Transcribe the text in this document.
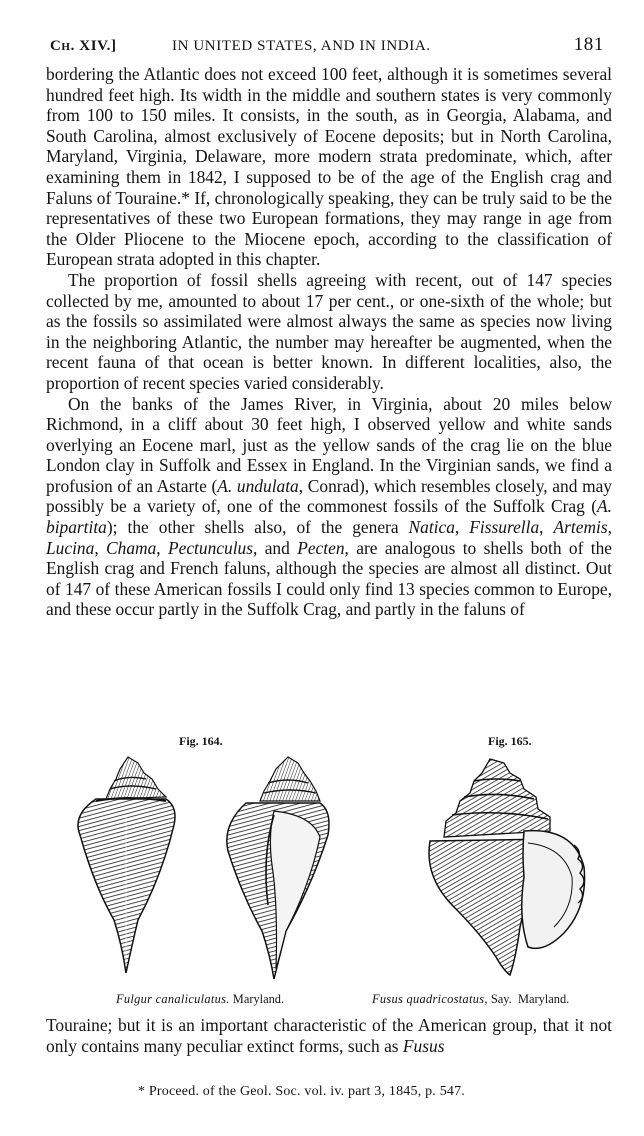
Ch. XIV.]	IN UNITED STATES, AND IN INDIA.	181

bordering the Atlantic does not exceed 100 feet, although it is sometimes several hundred feet high. Its width in the middle and southern states is very commonly from 100 to 150 miles. It consists, in the south, as in Georgia, Alabama, and South Carolina, almost exclusively of Eocene deposits; but in North Carolina, Maryland, Virginia, Delaware, more modern strata predominate, which, after examining them in 1842, I supposed to be of the age of the English crag and Faluns of Touraine.* If, chronologically speaking, they can be truly said to be the representatives of these two European formations, they may range in age from the Older Pliocene to the Miocene epoch, according to the classification of European strata adopted in this chapter.

The proportion of fossil shells agreeing with recent, out of 147 species collected by me, amounted to about 17 per cent., or one-sixth of the whole; but as the fossils so assimilated were almost always the same as species now living in the neighboring Atlantic, the number may hereafter be augmented, when the recent fauna of that ocean is better known. In different localities, also, the proportion of recent species varied considerably.

On the banks of the James River, in Virginia, about 20 miles below Richmond, in a cliff about 30 feet high, I observed yellow and white sands overlying an Eocene marl, just as the yellow sands of the crag lie on the blue London clay in Suffolk and Essex in England. In the Virginian sands, we find a profusion of an Astarte (A. undulata, Conrad), which resembles closely, and may possibly be a variety of, one of the commonest fossils of the Suffolk Crag (A. bipartita); the other shells also, of the genera Natica, Fissurella, Artemis, Lucina, Chama, Pectunculus, and Pecten, are analogous to shells both of the English crag and French faluns, although the species are almost all distinct. Out of 147 of these American fossils I could only find 13 species common to Europe, and these occur partly in the Suffolk Crag, and partly in the faluns of

Fig. 164.	Fig. 165.
Fulgur canaliculatus. Maryland.	Fusus quadricostatus, Say. Maryland.

Touraine; but it is an important characteristic of the American group, that it not only contains many peculiar extinct forms, such as Fusus

* Proceed. of the Geol. Soc. vol. iv. part 3, 1845, p. 547.
